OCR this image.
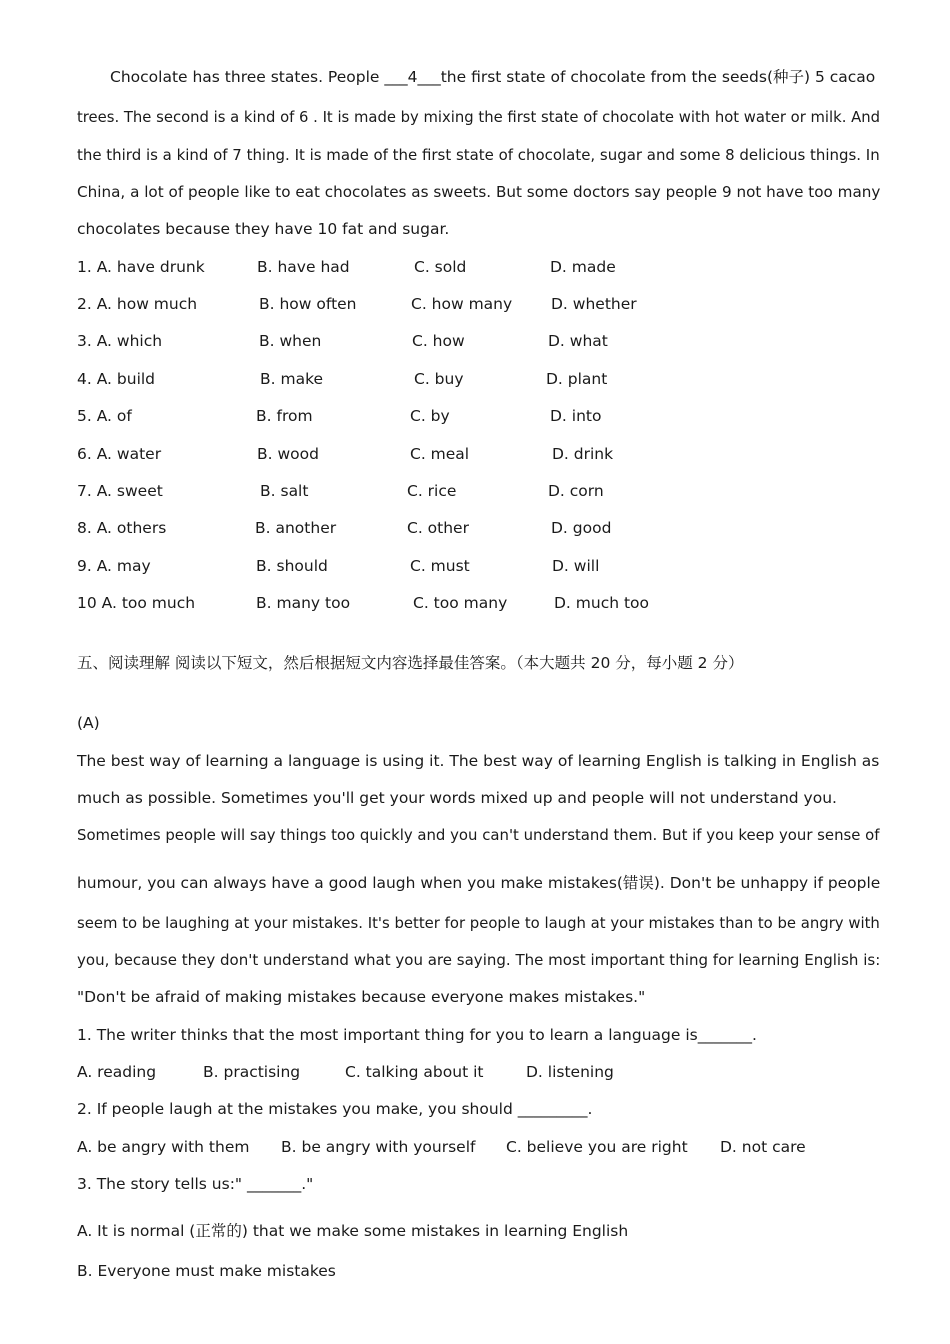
Chocolate has three states. People ___4___the first state of chocolate from the seeds(种子) 5 cacao
trees. The second is a kind of 6 . It is made by mixing the first state of chocolate with hot water or milk. And
the third is a kind of 7 thing. It is made of the first state of chocolate, sugar and some 8 delicious things. In
China, a lot of people like to eat chocolates as sweets. But some doctors say people 9 not have too many
chocolates because they have 10 fat and sugar.
1. A. have drunk	B. have had	C. sold	D. made
2. A. how much	B. how often	C. how many	D. whether
3. A. which	B. when	C. how	D. what
4. A. build	B. make	C. buy	D. plant
5. A. of	B. from	C. by	D. into
6. A. water	B. wood	C. meal	D. drink
7. A. sweet	B. salt	C. rice	D. corn
8. A. others	B. another	C. other	D. good
9. A. may	B. should	C. must	D. will
10 A. too much	B. many too	C. too many	D. much too
五、阅读理解 阅读以下短文，然后根据短文内容选择最佳答案。（本大题共 20 分，每小题 2 分）
(A)
The best way of learning a language is using it. The best way of learning English is talking in English as
much as possible. Sometimes you'll get your words mixed up and people will not understand you.
Sometimes people will say things too quickly and you can't understand them. But if you keep your sense of
humour, you can always have a good laugh when you make mistakes(错误). Don't be unhappy if people
seem to be laughing at your mistakes. It's better for people to laugh at your mistakes than to be angry with
you, because they don't understand what you are saying. The most important thing for learning English is:
"Don't be afraid of making mistakes because everyone makes mistakes."
1. The writer thinks that the most important thing for you to learn a language is_______.
A. reading	B. practising	C. talking about it	D. listening
2. If people laugh at the mistakes you make, you should _________.
A. be angry with them B. be angry with yourself C. believe you are right D. not care
3. The story tells us:" _______."
A. It is normal (正常的) that we make some mistakes in learning English
B. Everyone must make mistakes
